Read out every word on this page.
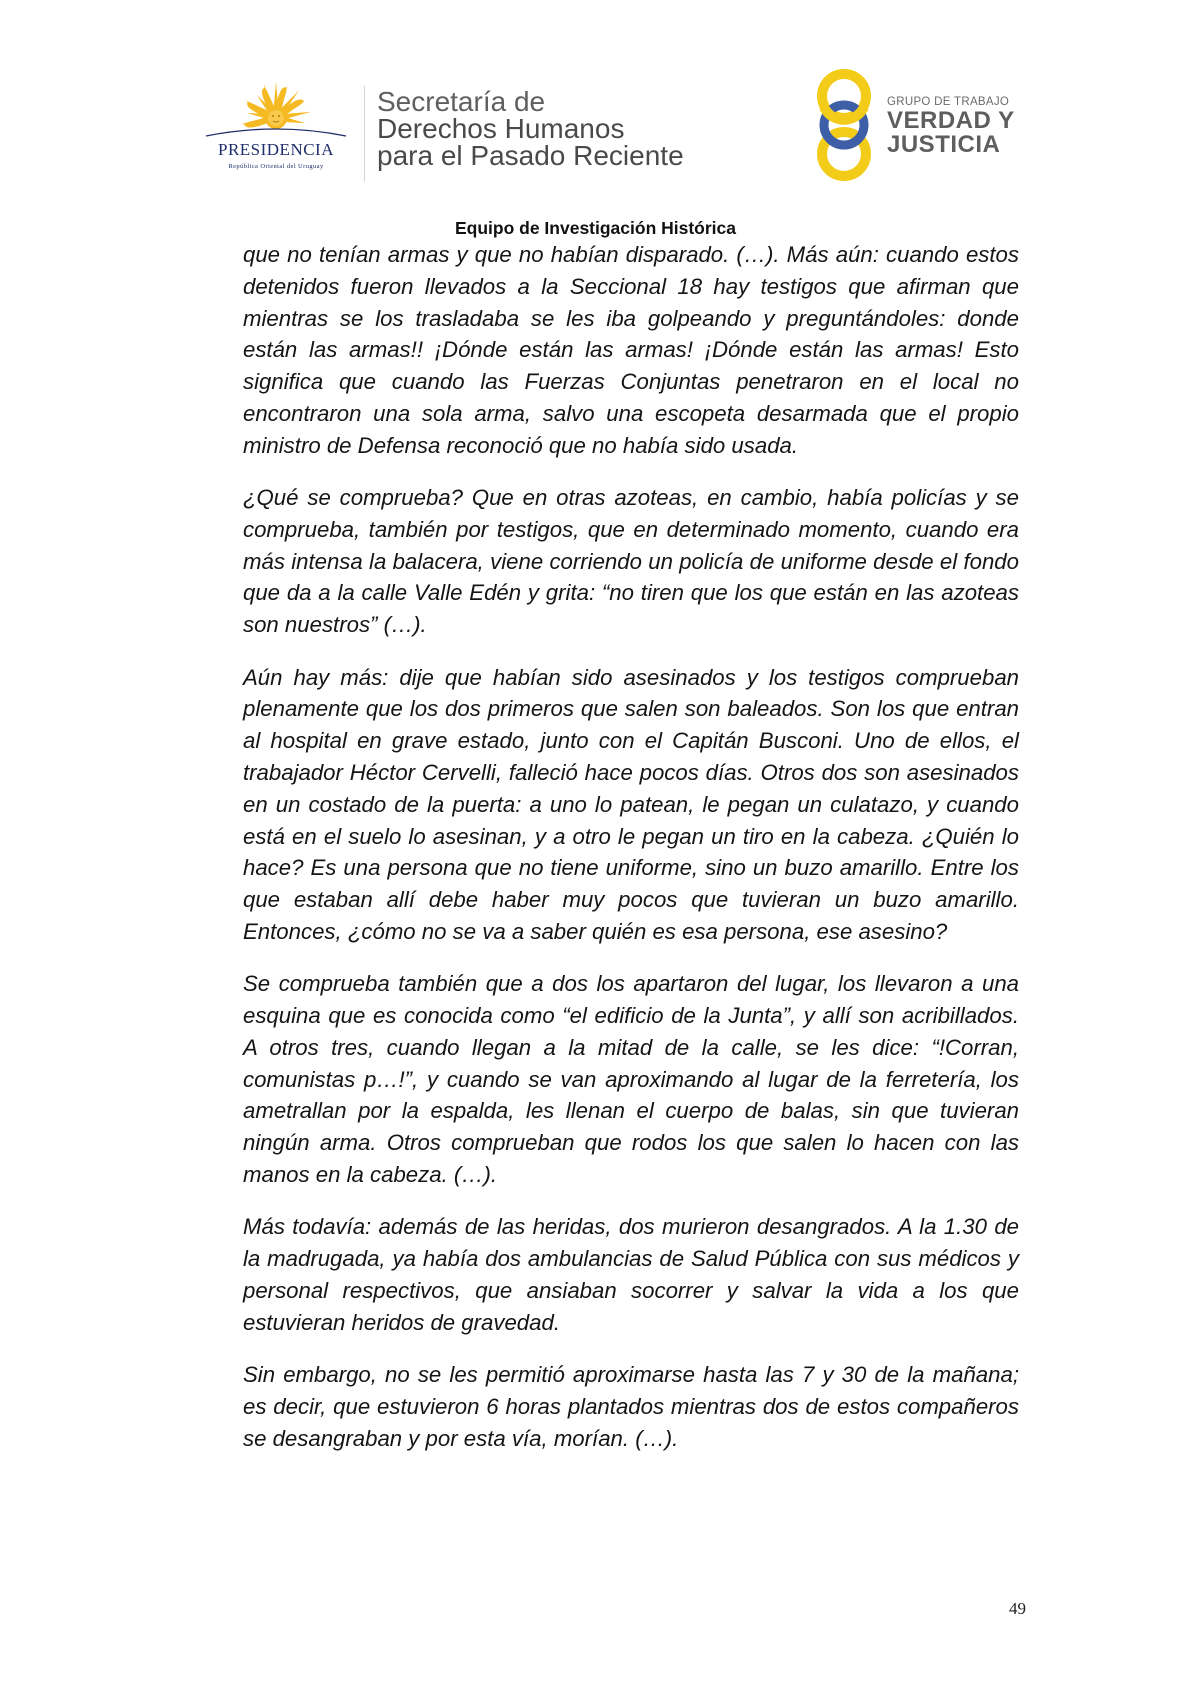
PRESIDENCIA
República Oriental del Uruguay
Secretaría de
Derechos Humanos
para el Pasado Reciente
GRUPO DE TRABAJO
VERDAD Y
JUSTICIA
Equipo de Investigación Histórica

que no tenían armas y que no habían disparado. (…). Más aún: cuando estos detenidos fueron llevados a la Seccional 18 hay testigos que afirman que mientras se los trasladaba se les iba golpeando y preguntándoles: donde están las armas!! ¡Dónde están las armas! ¡Dónde están las armas! Esto significa que cuando las Fuerzas Conjuntas penetraron en el local no encontraron una sola arma, salvo una escopeta desarmada que el propio ministro de Defensa reconoció que no había sido usada.

¿Qué se comprueba? Que en otras azoteas, en cambio, había policías y se comprueba, también por testigos, que en determinado momento, cuando era más intensa la balacera, viene corriendo un policía de uniforme desde el fondo que da a la calle Valle Edén y grita: “no tiren que los que están en las azoteas son nuestros” (…).

Aún hay más: dije que habían sido asesinados y los testigos comprueban plenamente que los dos primeros que salen son baleados. Son los que entran al hospital en grave estado, junto con el Capitán Busconi. Uno de ellos, el trabajador Héctor Cervelli, falleció hace pocos días. Otros dos son asesinados en un costado de la puerta: a uno lo patean, le pegan un culatazo, y cuando está en el suelo lo asesinan, y a otro le pegan un tiro en la cabeza. ¿Quién lo hace? Es una persona que no tiene uniforme, sino un buzo amarillo. Entre los que estaban allí debe haber muy pocos que tuvieran un buzo amarillo. Entonces, ¿cómo no se va a saber quién es esa persona, ese asesino?

Se comprueba también que a dos los apartaron del lugar, los llevaron a una esquina que es conocida como “el edificio de la Junta”, y allí son acribillados. A otros tres, cuando llegan a la mitad de la calle, se les dice: “!Corran, comunistas p…!”, y cuando se van aproximando al lugar de la ferretería, los ametrallan por la espalda, les llenan el cuerpo de balas, sin que tuvieran ningún arma. Otros comprueban que rodos los que salen lo hacen con las manos en la cabeza. (…).

Más todavía: además de las heridas, dos murieron desangrados. A la 1.30 de la madrugada, ya había dos ambulancias de Salud Pública con sus médicos y personal respectivos, que ansiaban socorrer y salvar la vida a los que estuvieran heridos de gravedad.

Sin embargo, no se les permitió aproximarse hasta las 7 y 30 de la mañana; es decir, que estuvieron 6 horas plantados mientras dos de estos compañeros se desangraban y por esta vía, morían. (…).

49
